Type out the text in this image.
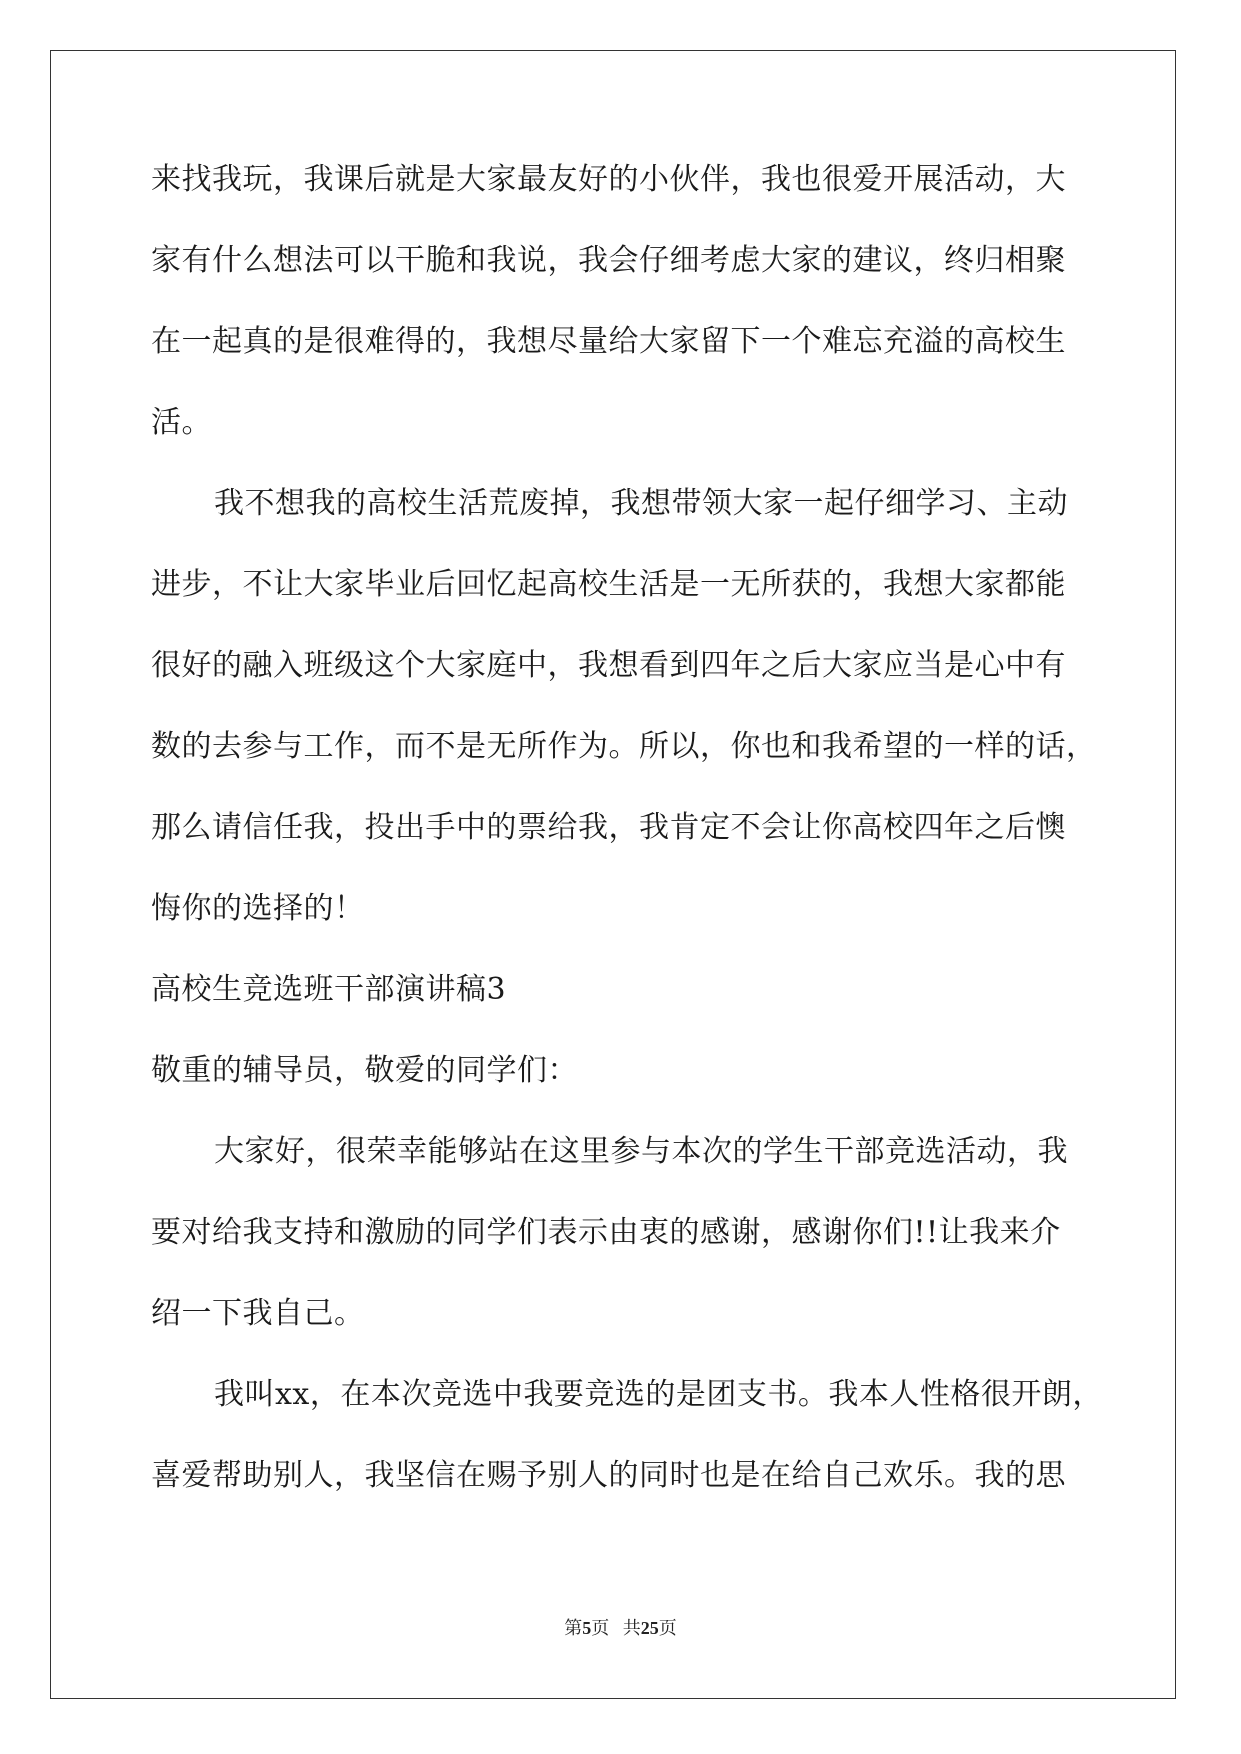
来找我玩，我课后就是大家最友好的小伙伴，我也很爱开展活动，大
家有什么想法可以干脆和我说，我会仔细考虑大家的建议，终归相聚
在一起真的是很难得的，我想尽量给大家留下一个难忘充溢的高校生
活。
我不想我的高校生活荒废掉，我想带领大家一起仔细学习、主动
进步，不让大家毕业后回忆起高校生活是一无所获的，我想大家都能
很好的融入班级这个大家庭中，我想看到四年之后大家应当是心中有
数的去参与工作，而不是无所作为。所以，你也和我希望的一样的话，
那么请信任我，投出手中的票给我，我肯定不会让你高校四年之后懊
悔你的选择的！
高校生竞选班干部演讲稿3
敬重的辅导员，敬爱的同学们：
大家好，很荣幸能够站在这里参与本次的学生干部竞选活动，我
要对给我支持和激励的同学们表示由衷的感谢，感谢你们!!让我来介
绍一下我自己。
我叫xx，在本次竞选中我要竞选的是团支书。我本人性格很开朗，
喜爱帮助别人，我坚信在赐予别人的同时也是在给自己欢乐。我的思
第5页 共25页
